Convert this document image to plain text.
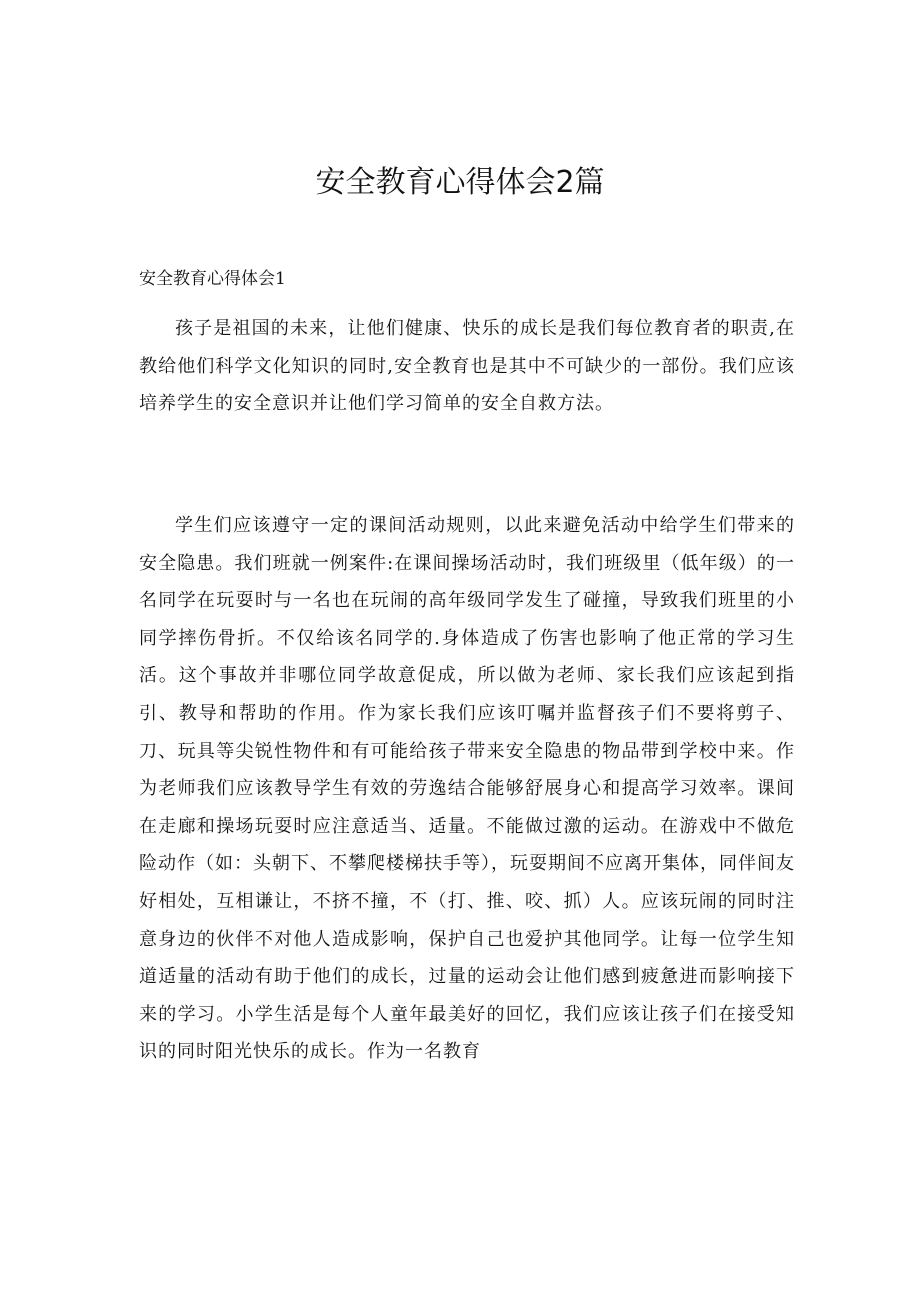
安全教育心得体会2篇

安全教育心得体会1

孩子是祖国的未来，让他们健康、快乐的成长是我们每位教育者的职责,在教给他们科学文化知识的同时,安全教育也是其中不可缺少的一部份。我们应该培养学生的安全意识并让他们学习简单的安全自救方法。

学生们应该遵守一定的课间活动规则，以此来避免活动中给学生们带来的安全隐患。我们班就一例案件:在课间操场活动时，我们班级里（低年级）的一名同学在玩耍时与一名也在玩闹的高年级同学发生了碰撞，导致我们班里的小同学摔伤骨折。不仅给该名同学的.身体造成了伤害也影响了他正常的学习生活。这个事故并非哪位同学故意促成，所以做为老师、家长我们应该起到指引、教导和帮助的作用。作为家长我们应该叮嘱并监督孩子们不要将剪子、刀、玩具等尖锐性物件和有可能给孩子带来安全隐患的物品带到学校中来。作为老师我们应该教导学生有效的劳逸结合能够舒展身心和提高学习效率。课间在走廊和操场玩耍时应注意适当、适量。不能做过激的运动。在游戏中不做危险动作（如：头朝下、不攀爬楼梯扶手等），玩耍期间不应离开集体，同伴间友好相处，互相谦让，不挤不撞，不（打、推、咬、抓）人。应该玩闹的同时注意身边的伙伴不对他人造成影响，保护自己也爱护其他同学。让每一位学生知道适量的活动有助于他们的成长，过量的运动会让他们感到疲惫进而影响接下来的学习。小学生活是每个人童年最美好的回忆，我们应该让孩子们在接受知识的同时阳光快乐的成长。作为一名教育
